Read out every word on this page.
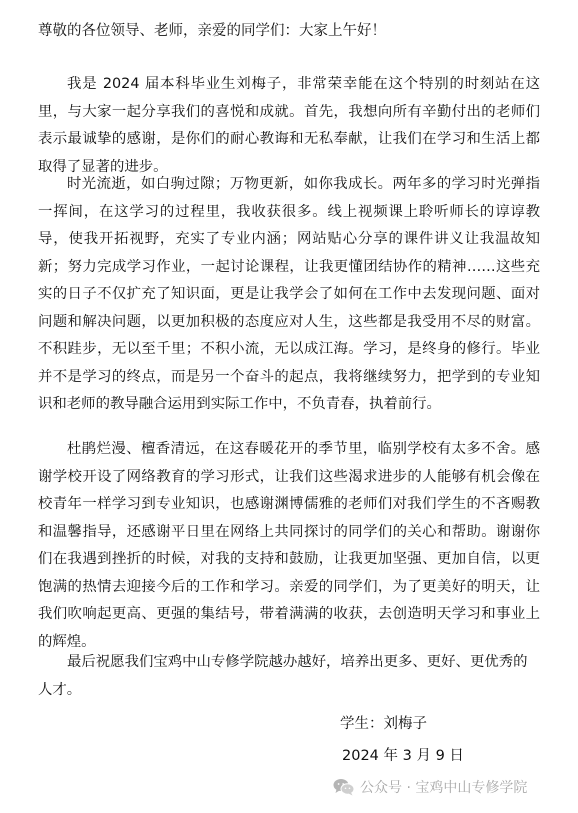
尊敬的各位领导、老师，亲爱的同学们：大家上午好！

我是 2024 届本科毕业生刘梅子，非常荣幸能在这个特别的时刻站在这里，与大家一起分享我们的喜悦和成就。首先，我想向所有辛勤付出的老师们表示最诚挚的感谢，是你们的耐心教诲和无私奉献，让我们在学习和生活上都取得了显著的进步。

时光流逝，如白驹过隙；万物更新，如你我成长。两年多的学习时光弹指一挥间，在这学习的过程里，我收获很多。线上视频课上聆听师长的谆谆教导，使我开拓视野，充实了专业内涵；网站贴心分享的课件讲义让我温故知新；努力完成学习作业，一起讨论课程，让我更懂团结协作的精神……这些充实的日子不仅扩充了知识面，更是让我学会了如何在工作中去发现问题、面对问题和解决问题，以更加积极的态度应对人生，这些都是我受用不尽的财富。不积跬步，无以至千里；不积小流，无以成江海。学习，是终身的修行。毕业并不是学习的终点，而是另一个奋斗的起点，我将继续努力，把学到的专业知识和老师的教导融合运用到实际工作中，不负青春，执着前行。

杜鹃烂漫、檀香清远，在这春暖花开的季节里，临别学校有太多不舍。感谢学校开设了网络教育的学习形式，让我们这些渴求进步的人能够有机会像在校青年一样学习到专业知识，也感谢渊博儒雅的老师们对我们学生的不吝赐教和温馨指导，还感谢平日里在网络上共同探讨的同学们的关心和帮助。谢谢你们在我遇到挫折的时候，对我的支持和鼓励，让我更加坚强、更加自信，以更饱满的热情去迎接今后的工作和学习。亲爱的同学们，为了更美好的明天，让我们吹响起更高、更强的集结号，带着满满的收获，去创造明天学习和事业上的辉煌。

最后祝愿我们宝鸡中山专修学院越办越好，培养出更多、更好、更优秀的人才。

学生：刘梅子
2024 年 3 月 9 日
公众号 · 宝鸡中山专修学院
